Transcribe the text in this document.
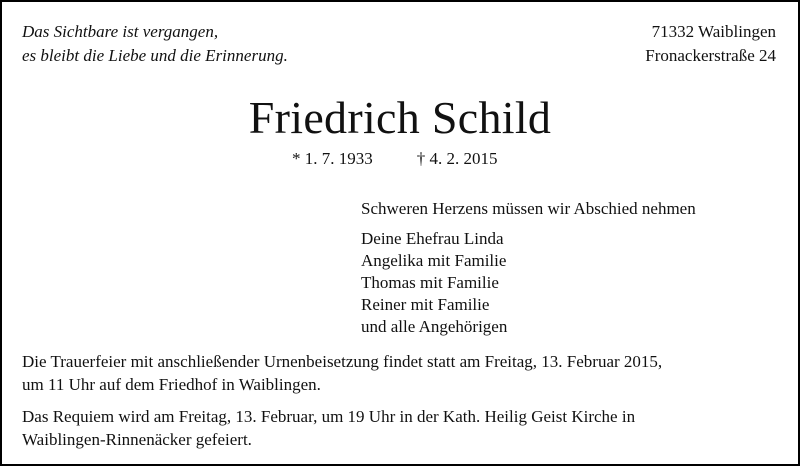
Das Sichtbare ist vergangen,
es bleibt die Liebe und die Erinnerung.
71332 Waiblingen
Fronackerstraße 24
Friedrich Schild
* 1. 7. 1933	† 4. 2. 2015
Schweren Herzens müssen wir Abschied nehmen
Deine Ehefrau Linda
Angelika mit Familie
Thomas mit Familie
Reiner mit Familie
und alle Angehörigen
Die Trauerfeier mit anschließender Urnenbeisetzung findet statt am Freitag, 13. Februar 2015,
um 11 Uhr auf dem Friedhof in Waiblingen.
Das Requiem wird am Freitag, 13. Februar, um 19 Uhr in der Kath. Heilig Geist Kirche in
Waiblingen-Rinnenäcker gefeiert.
